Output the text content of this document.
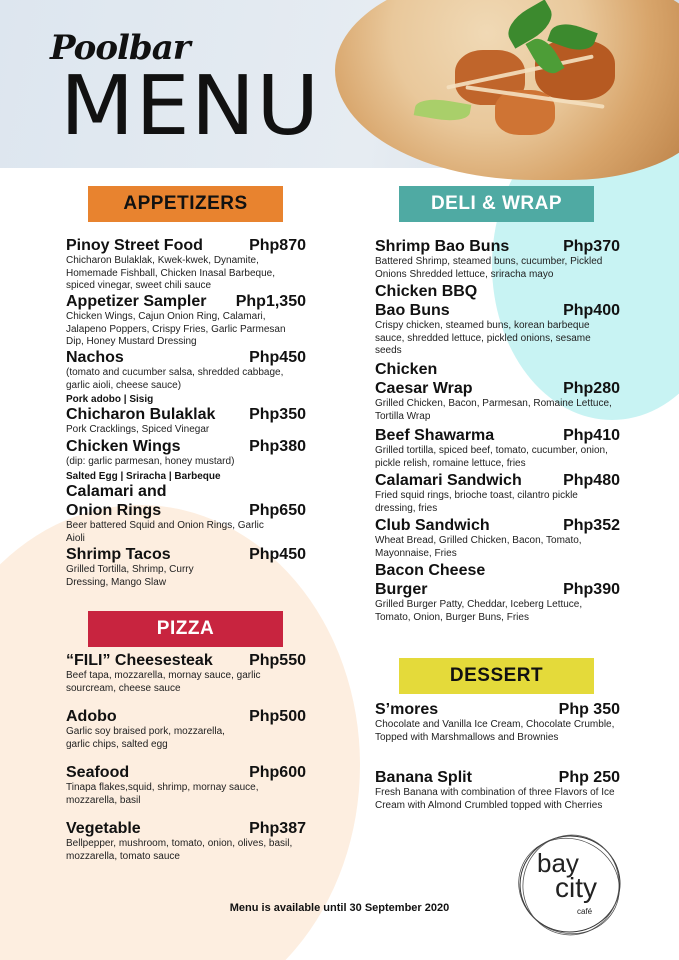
Poolbar
MENU
APPETIZERS	DELI & WRAP
PIZZA
DESSERT
Pinoy Street Food	Php870
Chicharon Bulaklak, Kwek-kwek, Dynamite, Homemade Fishball, Chicken Inasal Barbeque, spiced vinegar, sweet chili sauce
Appetizer Sampler	Php1,350
Chicken Wings, Cajun Onion Ring, Calamari, Jalapeno Poppers, Crispy Fries, Garlic Parmesan Dip, Honey Mustard Dressing
Nachos	Php450
(tomato and cucumber salsa, shredded cabbage, garlic aioli, cheese sauce)
Pork adobo | Sisig
Chicharon Bulaklak	Php350
Pork Cracklings, Spiced Vinegar
Chicken Wings	Php380
(dip: garlic parmesan, honey mustard)
Salted Egg | Sriracha | Barbeque
Calamari and Onion Rings	Php650
Beer battered Squid and Onion Rings, Garlic Aioli
Shrimp Tacos	Php450
Grilled Tortilla, Shrimp, Curry Dressing, Mango Slaw
“FILI” Cheesesteak	Php550
Beef tapa, mozzarella, mornay sauce, garlic sourcream, cheese sauce
Adobo	Php500
Garlic soy braised pork, mozzarella, garlic chips, salted egg
Seafood	Php600
Tinapa flakes,squid, shrimp, mornay sauce, mozzarella, basil
Vegetable	Php387
Bellpepper, mushroom, tomato, onion, olives, basil, mozzarella, tomato sauce
Shrimp Bao Buns	Php370
Battered Shrimp, steamed buns, cucumber, Pickled Onions Shredded lettuce, sriracha mayo
Chicken BBQ Bao Buns	Php400
Crispy chicken, steamed buns, korean barbeque sauce, shredded lettuce, pickled onions, sesame seeds
Chicken Caesar Wrap	Php280
Grilled Chicken, Bacon, Parmesan, Romaine Lettuce, Tortilla Wrap
Beef Shawarma	Php410
Grilled tortilla, spiced beef, tomato, cucumber, onion, pickle relish, romaine lettuce, fries
Calamari Sandwich	Php480
Fried squid rings, brioche toast, cilantro pickle dressing, fries
Club Sandwich	Php352
Wheat Bread, Grilled Chicken, Bacon, Tomato, Mayonnaise, Fries
Bacon Cheese Burger	Php390
Grilled Burger Patty, Cheddar, Iceberg Lettuce, Tomato, Onion, Burger Buns, Fries
S’mores	Php 350
Chocolate and Vanilla Ice Cream, Chocolate Crumble, Topped with Marshmallows and Brownies
Banana Split	Php 250
Fresh Banana with combination of three Flavors of Ice Cream with Almond Crumbled topped with Cherries
Menu is available until 30 September 2020
bay
city
café
